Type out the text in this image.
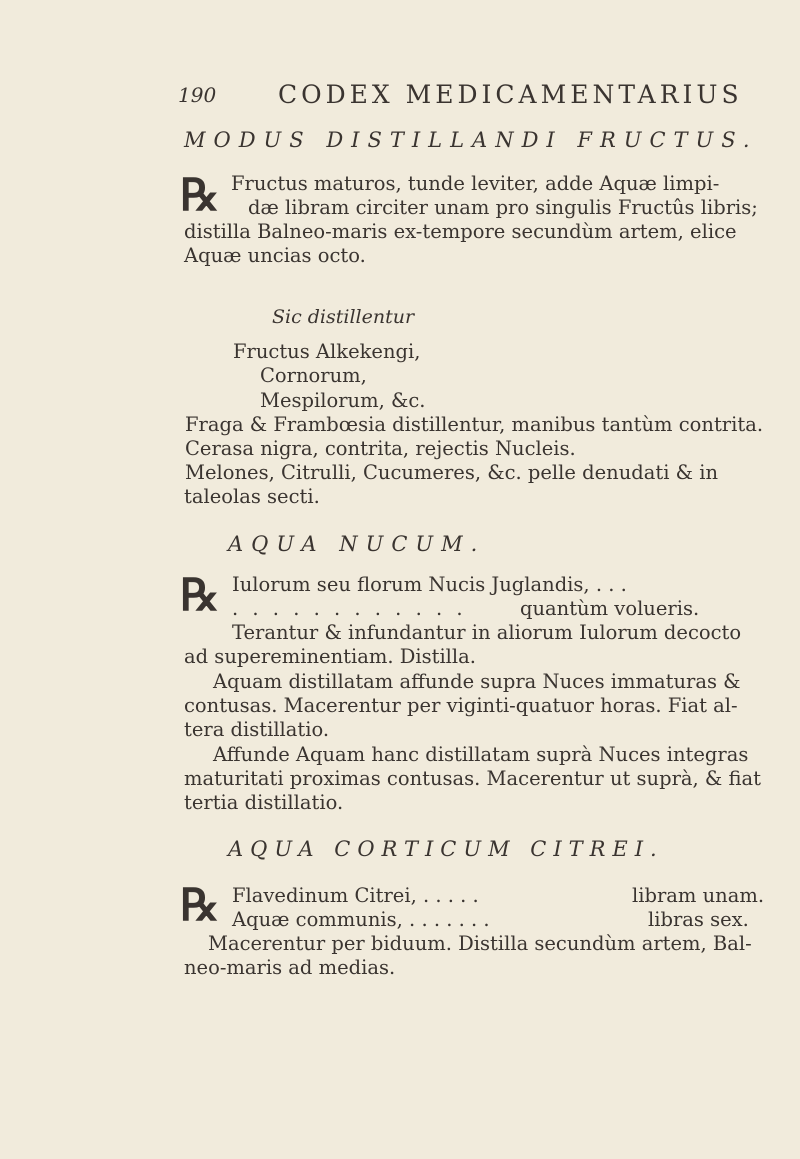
190 CODEX MEDICAMENTARIUS
MODUS DISTILLANDI FRUCTUS.
℞ Fructus maturos, tunde leviter, adde Aquæ limpi-
dæ libram circiter unam pro singulis Fructûs libris;
distilla Balneo-maris ex-tempore secundùm artem, elice
Aquæ uncias octo.
Sic distillentur
Fructus Alkekengi,
Cornorum,
Mespilorum, &c.
Fraga & Frambœsia distillentur, manibus tantùm contrita.
Cerasa nigra, contrita, rejectis Nucleis.
Melones, Citrulli, Cucumeres, &c. pelle denudati & in
taleolas secti.
AQUA NUCUM.
℞ Iulorum seu florum Nucis Juglandis, . . .
. . . . . . . . . . . .	quantùm volueris.
Terantur & infundantur in aliorum Iulorum decocto
ad supereminentiam. Distilla.
Aquam distillatam affunde supra Nuces immaturas &
contusas. Macerentur per viginti-quatuor horas. Fiat al-
tera distillatio.
Affunde Aquam hanc distillatam suprà Nuces integras
maturitati proximas contusas. Macerentur ut suprà, & fiat
tertia distillatio.
AQUA CORTICUM CITREI.
℞ Flavedinum Citrei, . . . . .	libram unam.
Aquæ communis, . . . . . . .	libras sex.
Macerentur per biduum. Distilla secundùm artem, Bal-
neo-maris ad medias.
